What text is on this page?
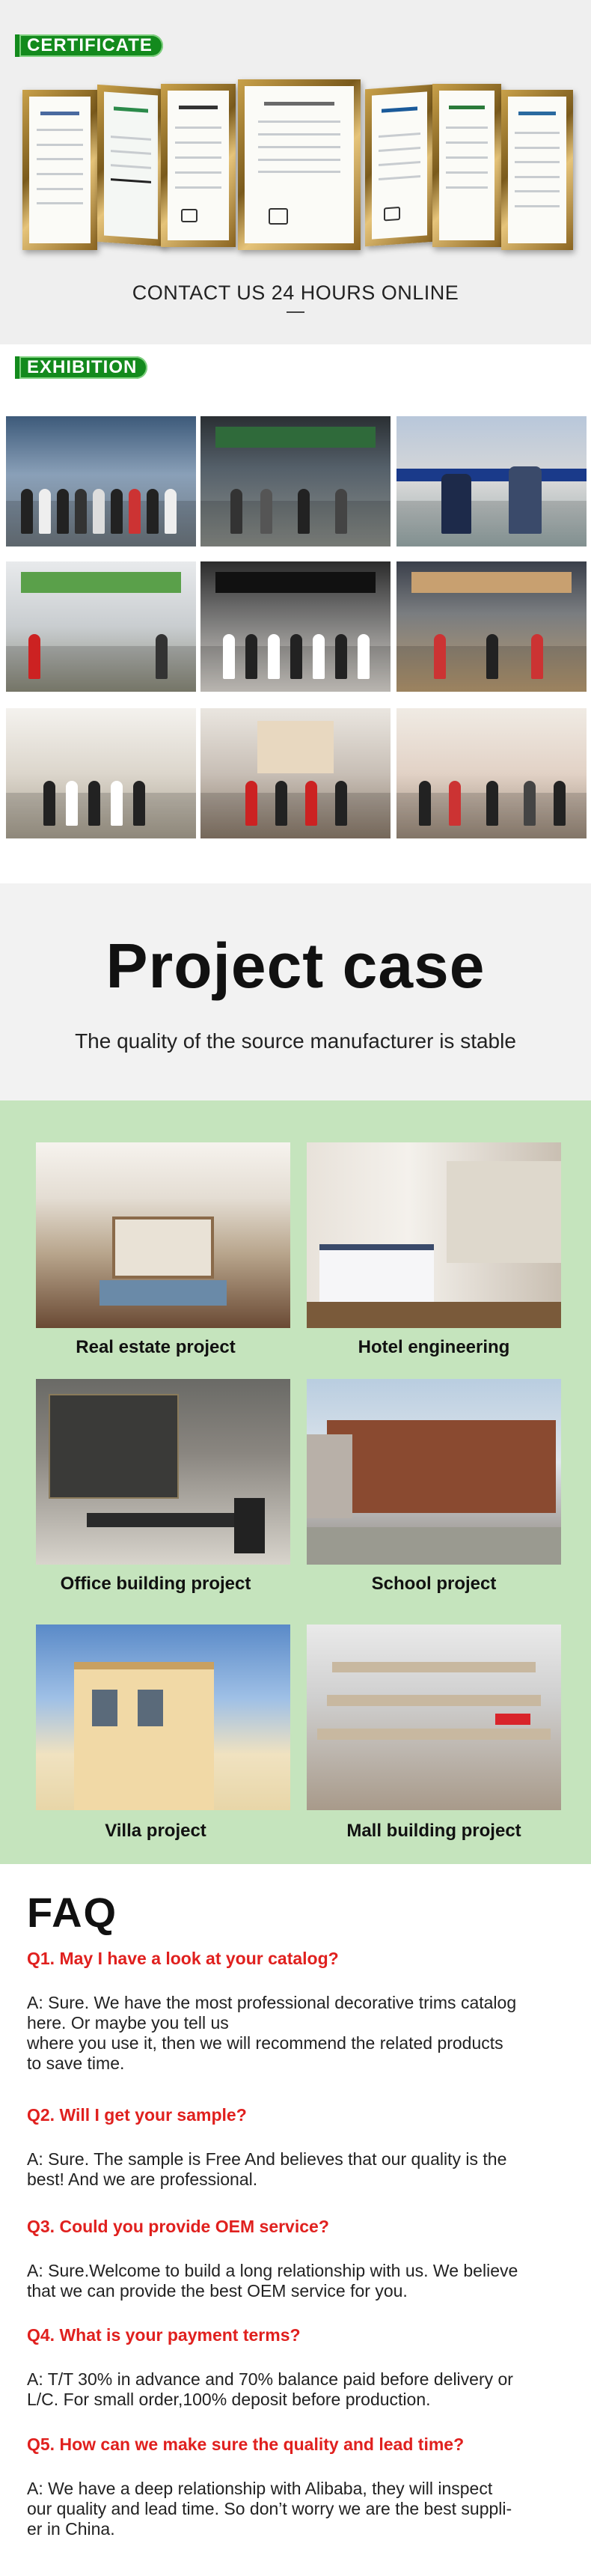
CERTIFICATE
CONTACT US 24 HOURS ONLINE
EXHIBITION
Project case
The quality of the source manufacturer is stable
Real estate project	Hotel engineering
Office building project	School project
Villa project	Mall building project
FAQ
Q1. May I have a look at your catalog?
A: Sure. We have the most professional decorative trims catalog
here. Or maybe you tell us
where you use it, then we will recommend the related products
to save time.
Q2. Will I get your sample?
A: Sure. The sample is Free And believes that our quality is the
best! And we are professional.
Q3. Could you provide OEM service?
A: Sure.Welcome to build a long relationship with us. We believe
that we can provide the best OEM service for you.
Q4. What is your payment terms?
A: T/T 30% in advance and 70% balance paid before delivery or
L/C. For small order,100% deposit before production.
Q5. How can we make sure the quality and lead time?
A: We have a deep relationship with Alibaba, they will inspect
our quality and lead time. So don’t worry we are the best suppli-
er in China.
